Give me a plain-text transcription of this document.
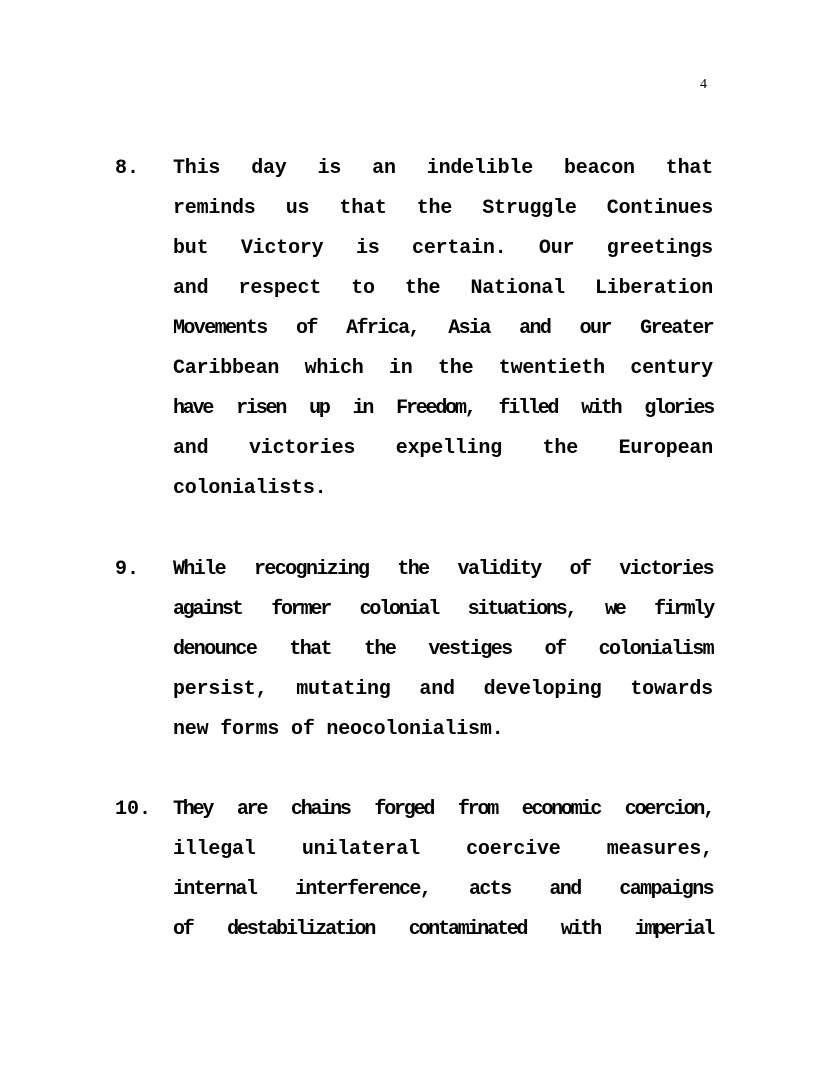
4
8. This day is an indelible beacon that
reminds us that the Struggle Continues
but Victory is certain. Our greetings
and respect to the National Liberation
Movements of Africa, Asia and our Greater
Caribbean which in the twentieth century
have risen up in Freedom, filled with glories
and victories expelling the European
colonialists.
9. While recognizing the validity of victories
against former colonial situations, we firmly
denounce that the vestiges of colonialism
persist, mutating and developing towards
new forms of neocolonialism.
10. They are chains forged from economic coercion,
illegal unilateral coercive measures,
internal interference, acts and campaigns
of destabilization contaminated with imperial
